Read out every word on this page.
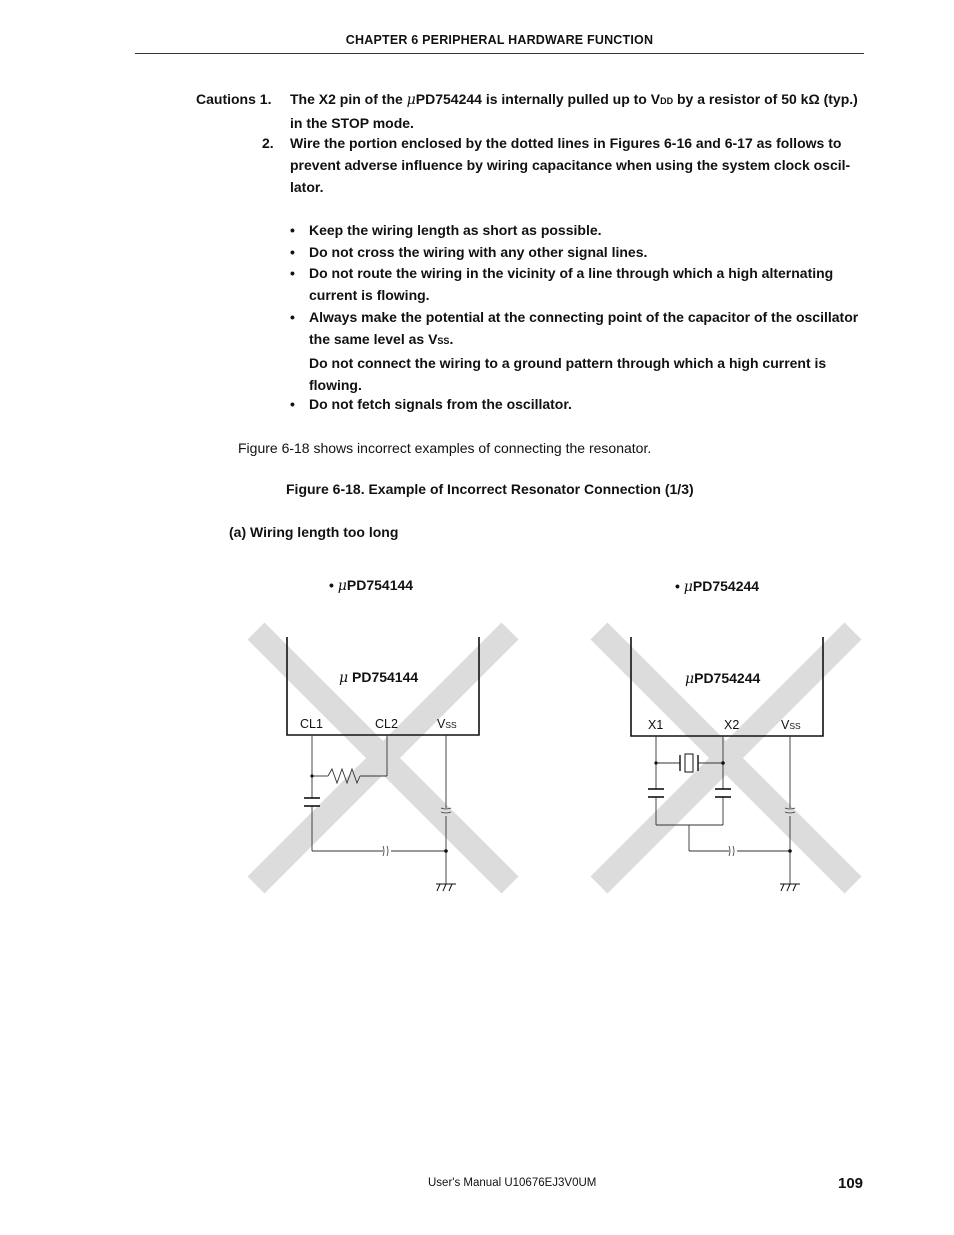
CHAPTER 6 PERIPHERAL HARDWARE FUNCTION
Cautions 1. The X2 pin of the μPD754244 is internally pulled up to VDD by a resistor of 50 kΩ (typ.)
in the STOP mode.
2. Wire the portion enclosed by the dotted lines in Figures 6-16 and 6-17 as follows to
prevent adverse influence by wiring capacitance when using the system clock oscil-
lator.
• Keep the wiring length as short as possible.
• Do not cross the wiring with any other signal lines.
• Do not route the wiring in the vicinity of a line through which a high alternating
current is flowing.
• Always make the potential at the connecting point of the capacitor of the oscillator
the same level as VSS.
Do not connect the wiring to a ground pattern through which a high current is
flowing.
• Do not fetch signals from the oscillator.
Figure 6-18 shows incorrect examples of connecting the resonator.
Figure 6-18. Example of Incorrect Resonator Connection (1/3)
(a) Wiring length too long
• μPD754144
μ PD754144
CL1	CL2	VSS
• μPD754244
μPD754244
X1	X2	VSS
User's Manual U10676EJ3V0UM	109
